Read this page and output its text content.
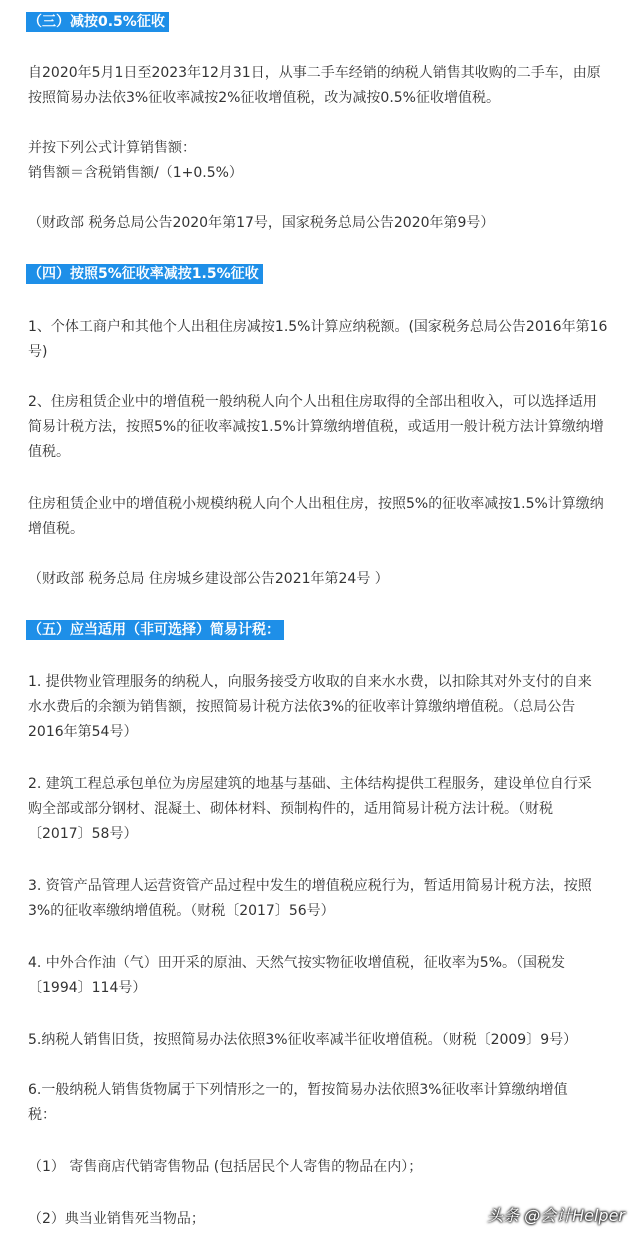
（三）减按0.5%征收
自2020年5月1日至2023年12月31日，从事二手车经销的纳税人销售其收购的二手车，由原
按照简易办法依3%征收率减按2%征收增值税，改为减按0.5%征收增值税。
并按下列公式计算销售额：
销售额＝含税销售额/（1+0.5%）
（财政部 税务总局公告2020年第17号，国家税务总局公告2020年第9号）
（四）按照5%征收率减按1.5%征收
1、个体工商户和其他个人出租住房减按1.5%计算应纳税额。(国家税务总局公告2016年第16
号)
2、住房租赁企业中的增值税一般纳税人向个人出租住房取得的全部出租收入，可以选择适用
简易计税方法，按照5%的征收率减按1.5%计算缴纳增值税，或适用一般计税方法计算缴纳增
值税。
住房租赁企业中的增值税小规模纳税人向个人出租住房，按照5%的征收率减按1.5%计算缴纳
增值税。
（财政部 税务总局 住房城乡建设部公告2021年第24号 ）
（五）应当适用（非可选择）简易计税：
1. 提供物业管理服务的纳税人，向服务接受方收取的自来水水费，以扣除其对外支付的自来
水水费后的余额为销售额，按照简易计税方法依3%的征收率计算缴纳增值税。（总局公告
2016年第54号）
2. 建筑工程总承包单位为房屋建筑的地基与基础、主体结构提供工程服务，建设单位自行采
购全部或部分钢材、混凝土、砌体材料、预制构件的，适用简易计税方法计税。（财税
〔2017〕58号）
3. 资管产品管理人运营资管产品过程中发生的增值税应税行为，暂适用简易计税方法，按照
3%的征收率缴纳增值税。（财税〔2017〕56号）
4. 中外合作油（气）田开采的原油、天然气按实物征收增值税，征收率为5%。（国税发
〔1994〕114号）
5.纳税人销售旧货，按照简易办法依照3%征收率减半征收增值税。（财税〔2009〕9号）
6.一般纳税人销售货物属于下列情形之一的，暂按简易办法依照3%征收率计算缴纳增值
税：
（1） 寄售商店代销寄售物品 (包括居民个人寄售的物品在内）；
（2）典当业销售死当物品；	头条 @会计Helper
